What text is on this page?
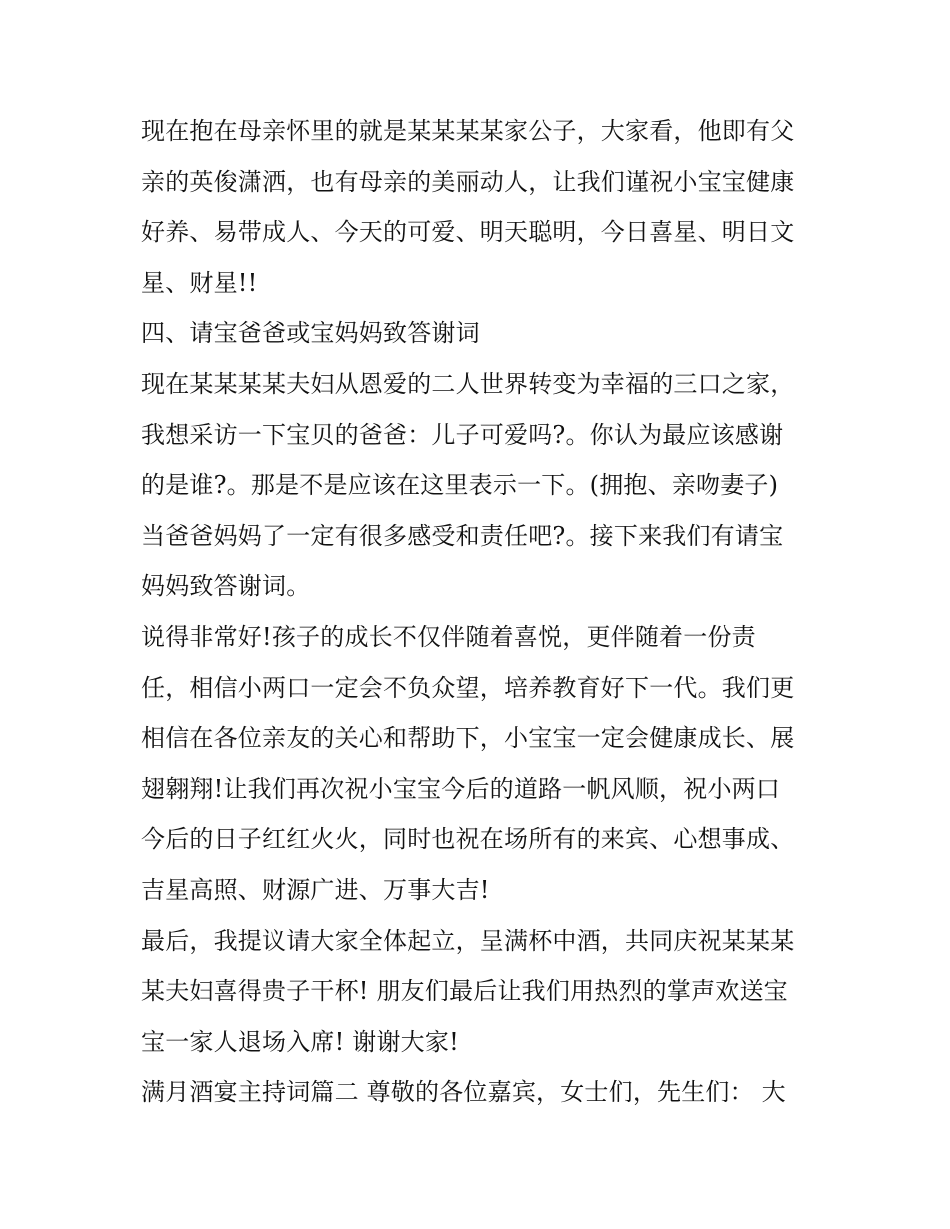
现在抱在母亲怀里的就是某某某某家公子，大家看，他即有父
亲的英俊潇洒，也有母亲的美丽动人，让我们谨祝小宝宝健康
好养、易带成人、今天的可爱、明天聪明，今日喜星、明日文
星、财星!!
四、请宝爸爸或宝妈妈致答谢词
现在某某某某夫妇从恩爱的二人世界转变为幸福的三口之家，
我想采访一下宝贝的爸爸：儿子可爱吗?。你认为最应该感谢
的是谁?。那是不是应该在这里表示一下。(拥抱、亲吻妻子)
当爸爸妈妈了一定有很多感受和责任吧?。接下来我们有请宝
妈妈致答谢词。
说得非常好!孩子的成长不仅伴随着喜悦，更伴随着一份责
任，相信小两口一定会不负众望，培养教育好下一代。我们更
相信在各位亲友的关心和帮助下，小宝宝一定会健康成长、展
翅翱翔!让我们再次祝小宝宝今后的道路一帆风顺，祝小两口
今后的日子红红火火，同时也祝在场所有的来宾、心想事成、
吉星高照、财源广进、万事大吉!
最后，我提议请大家全体起立，呈满杯中酒，共同庆祝某某某
某夫妇喜得贵子干杯! 朋友们最后让我们用热烈的掌声欢送宝
宝一家人退场入席! 谢谢大家!
满月酒宴主持词篇二 尊敬的各位嘉宾，女士们，先生们： 大
